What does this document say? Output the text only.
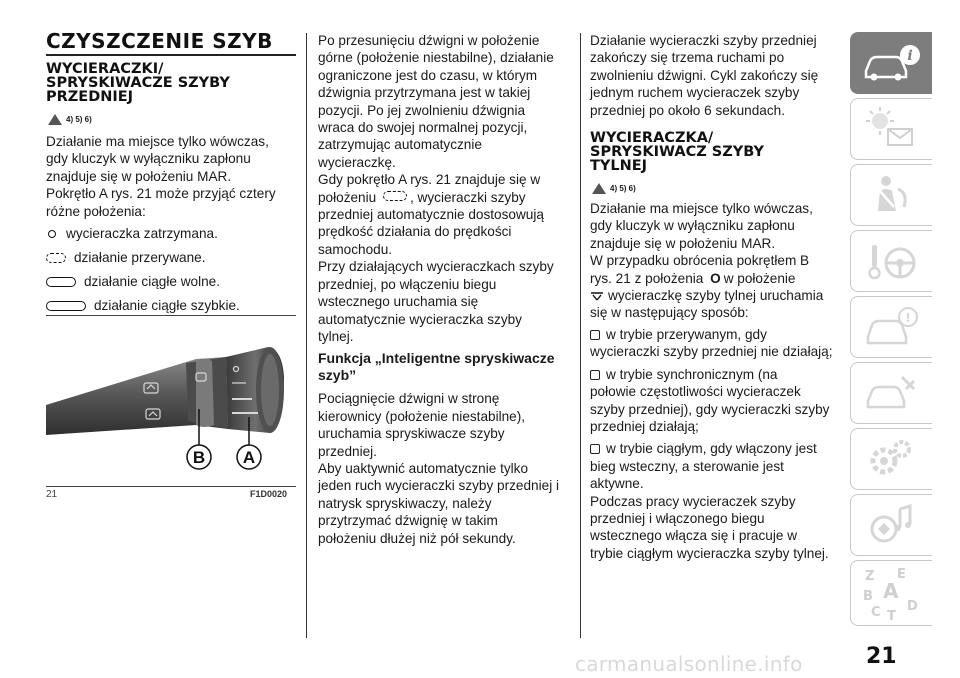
CZYSZCZENIE SZYB
WYCIERACZKI/
SPRYSKIWACZE SZYBY
PRZEDNIEJ
4) 5) 6)
Działanie ma miejsce tylko wówczas,
gdy kluczyk w wyłączniku zapłonu
znajduje się w położeniu MAR.
Pokrętło A rys. 21 może przyjąć cztery
różne położenia:
wycieraczka zatrzymana.
działanie przerywane.
działanie ciągłe wolne.
działanie ciągłe szybkie.
B A
21	F1D0020
Po przesunięciu dźwigni w położenie
górne (położenie niestabilne), działanie
ograniczone jest do czasu, w którym
dźwignia przytrzymana jest w takiej
pozycji. Po jej zwolnieniu dźwignia
wraca do swojej normalnej pozycji,
zatrzymując automatycznie
wycieraczkę.
Gdy pokrętło A rys. 21 znajduje się w
położeniu , wycieraczki szyby
przedniej automatycznie dostosowują
prędkość działania do prędkości
samochodu.
Przy działających wycieraczkach szyby
przedniej, po włączeniu biegu
wstecznego uruchamia się
automatycznie wycieraczka szyby
tylnej.
Funkcja „Inteligentne spryskiwacze
szyb”
Pociągnięcie dźwigni w stronę
kierownicy (położenie niestabilne),
uruchamia spryskiwacze szyby
przedniej.
Aby uaktywnić automatycznie tylko
jeden ruch wycieraczki szyby przedniej i
natrysk spryskiwaczy, należy
przytrzymać dźwignię w takim
położeniu dłużej niż pół sekundy.
Działanie wycieraczki szyby przedniej
zakończy się trzema ruchami po
zwolnieniu dźwigni. Cykl zakończy się
jednym ruchem wycieraczek szyby
przedniej po około 6 sekundach.
WYCIERACZKA/
SPRYSKIWACZ SZYBY
TYLNEJ
4) 5) 6)
Działanie ma miejsce tylko wówczas,
gdy kluczyk w wyłączniku zapłonu
znajduje się w położeniu MAR.
W przypadku obrócenia pokrętłem B
rys. 21 z położenia O w położenie
wycieraczkę szyby tylnej uruchamia
się w następujący sposób:
w trybie przerywanym, gdy
wycieraczki szyby przedniej nie działają;
w trybie synchronicznym (na
połowie częstotliwości wycieraczek
szyby przedniej), gdy wycieraczki szyby
przedniej działają;
w trybie ciągłym, gdy włączony jest
bieg wsteczny, a sterowanie jest
aktywne.
Podczas pracy wycieraczek szyby
przedniej i włączonego biegu
wstecznego włącza się i pracuje w
trybie ciągłym wycieraczka szyby tylnej.
i
!
Z E
B A
C T
D
carmanualsonline.info	21
